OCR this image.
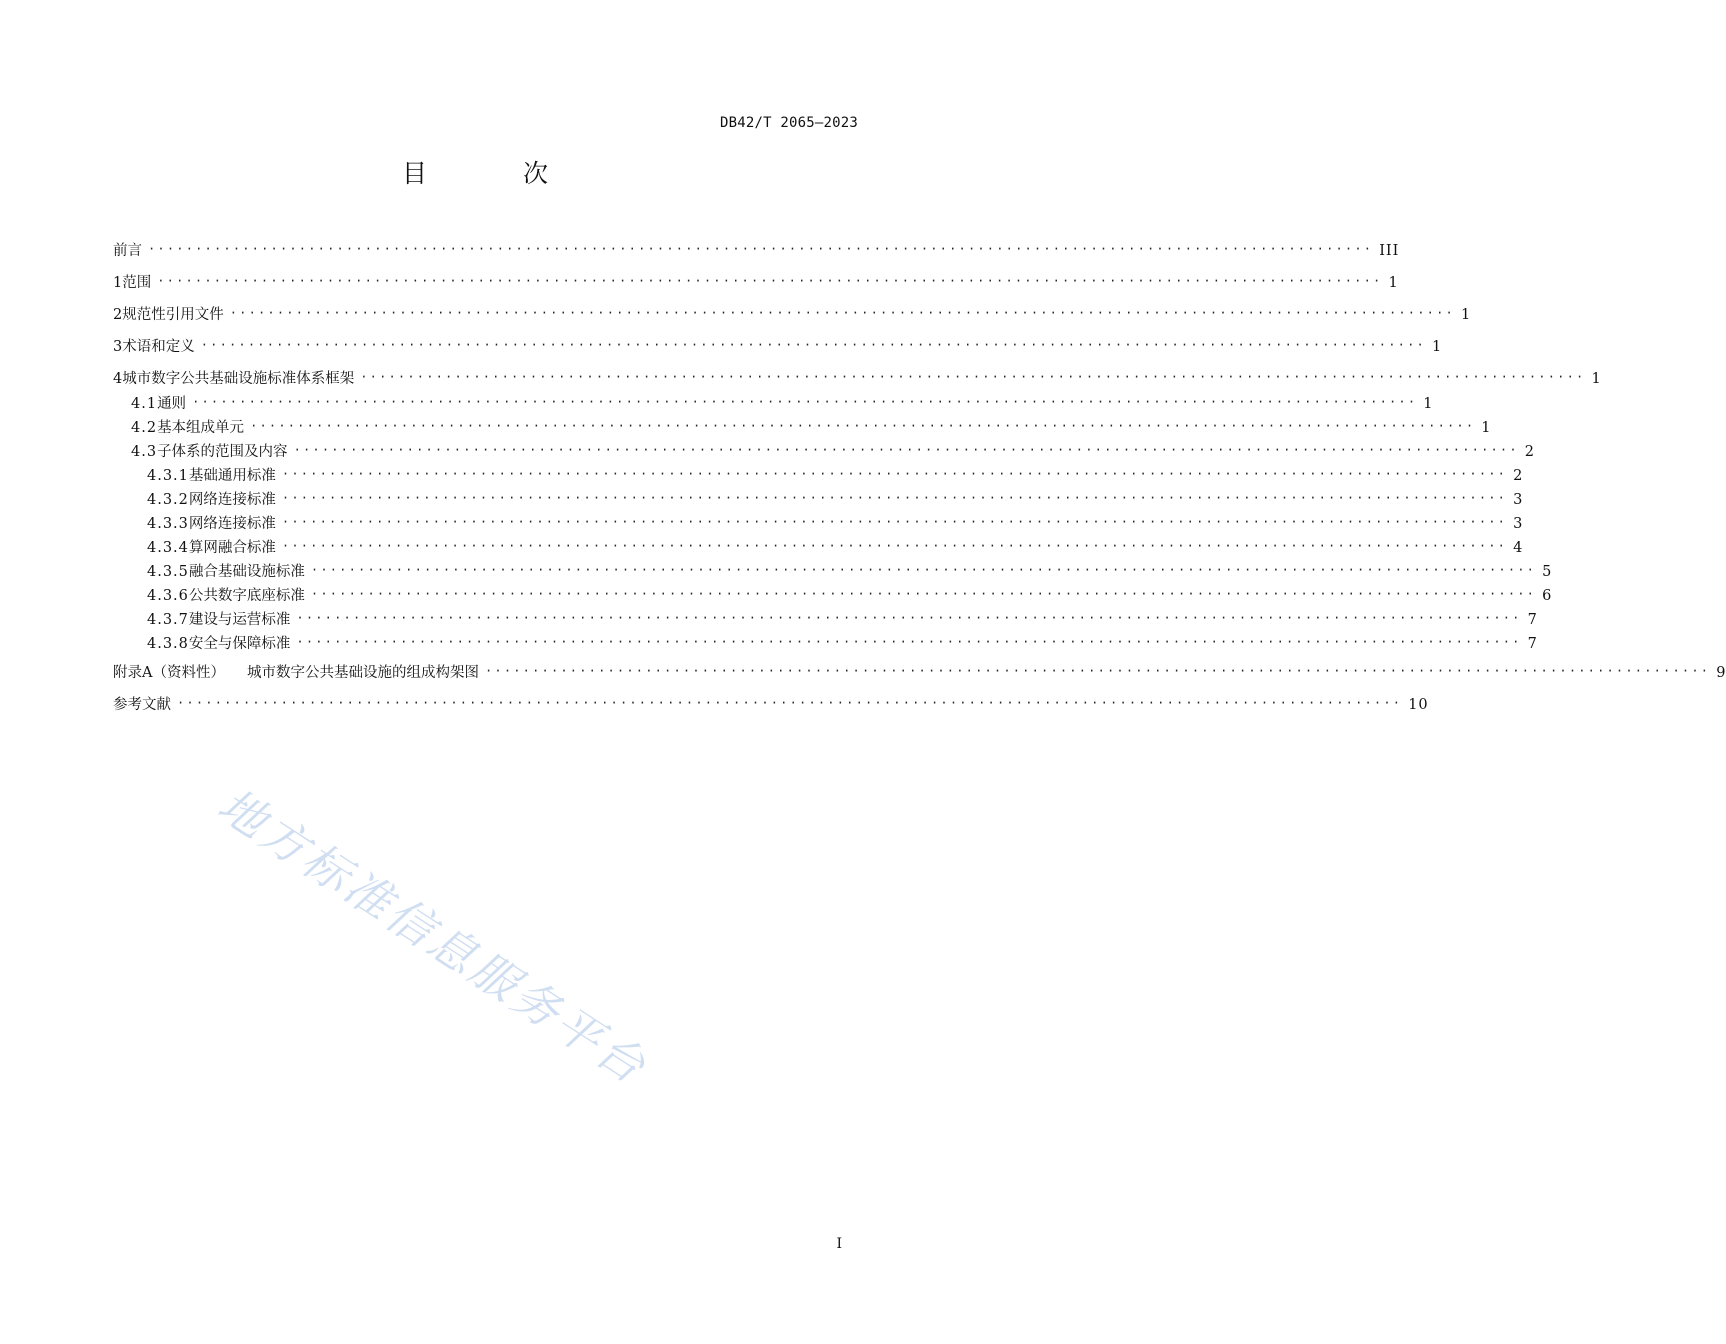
DB42/T 2065—2023
目 次
前言 ·································································································································· III
1 范围 ·································································································································· 1
2 规范性引用文件 ·································································································································· 1
3 术语和定义 ·································································································································· 1
4 城市数字公共基础设施标准体系框架 ·································································································································· 1
4.1 通则 ·································································································································· 1
4.2 基本组成单元 ·································································································································· 1
4.3 子体系的范围及内容 ·································································································································· 2
4.3.1 基础通用标准 ·································································································································· 2
4.3.2 网络连接标准 ·································································································································· 3
4.3.3 网络连接标准 ·································································································································· 3
4.3.4 算网融合标准 ·································································································································· 4
4.3.5 融合基础设施标准 ·································································································································· 5
4.3.6 公共数字底座标准 ·································································································································· 6
4.3.7 建设与运营标准 ·································································································································· 7
4.3.8 安全与保障标准 ·································································································································· 7
附录A（资料性） 城市数字公共基础设施的组成构架图 ·································································································································· 9
参考文献 ·································································································································· 10
地方标准信息服务平台
I
